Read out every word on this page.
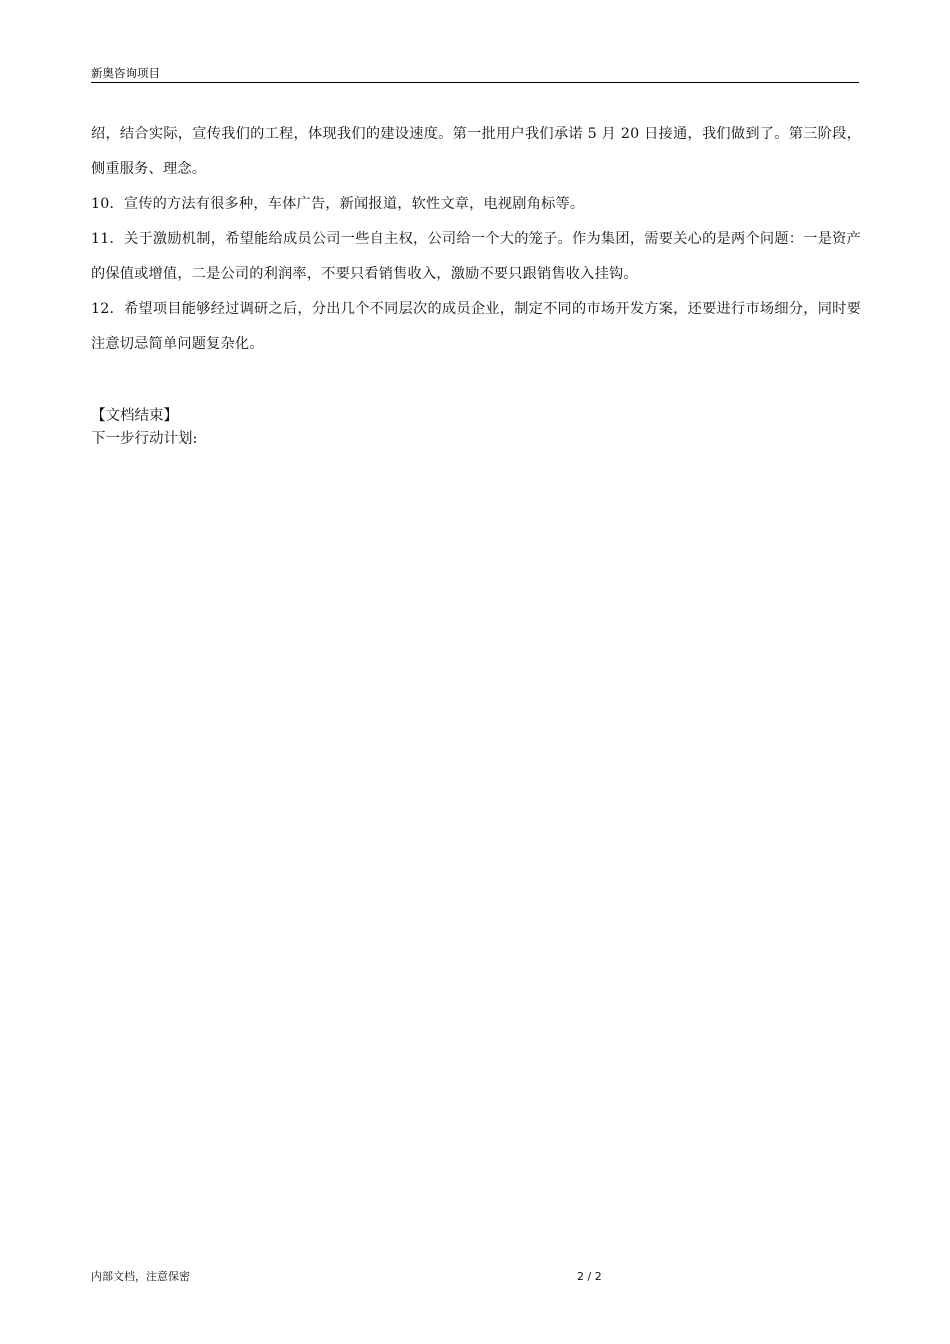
新奥咨询项目

绍，结合实际，宣传我们的工程，体现我们的建设速度。第一批用户我们承诺 5 月 20 日接通，我们做到了。第三阶段，侧重服务、理念。

10．宣传的方法有很多种，车体广告，新闻报道，软性文章，电视剧角标等。

11．关于激励机制，希望能给成员公司一些自主权，公司给一个大的笼子。作为集团，需要关心的是两个问题：一是资产的保值或增值，二是公司的利润率，不要只看销售收入，激励不要只跟销售收入挂钩。

12．希望项目能够经过调研之后，分出几个不同层次的成员企业，制定不同的市场开发方案，还要进行市场细分，同时要注意切忌简单问题复杂化。

【文档结束】
下一步行动计划:
内部文档，注意保密	2 / 2
